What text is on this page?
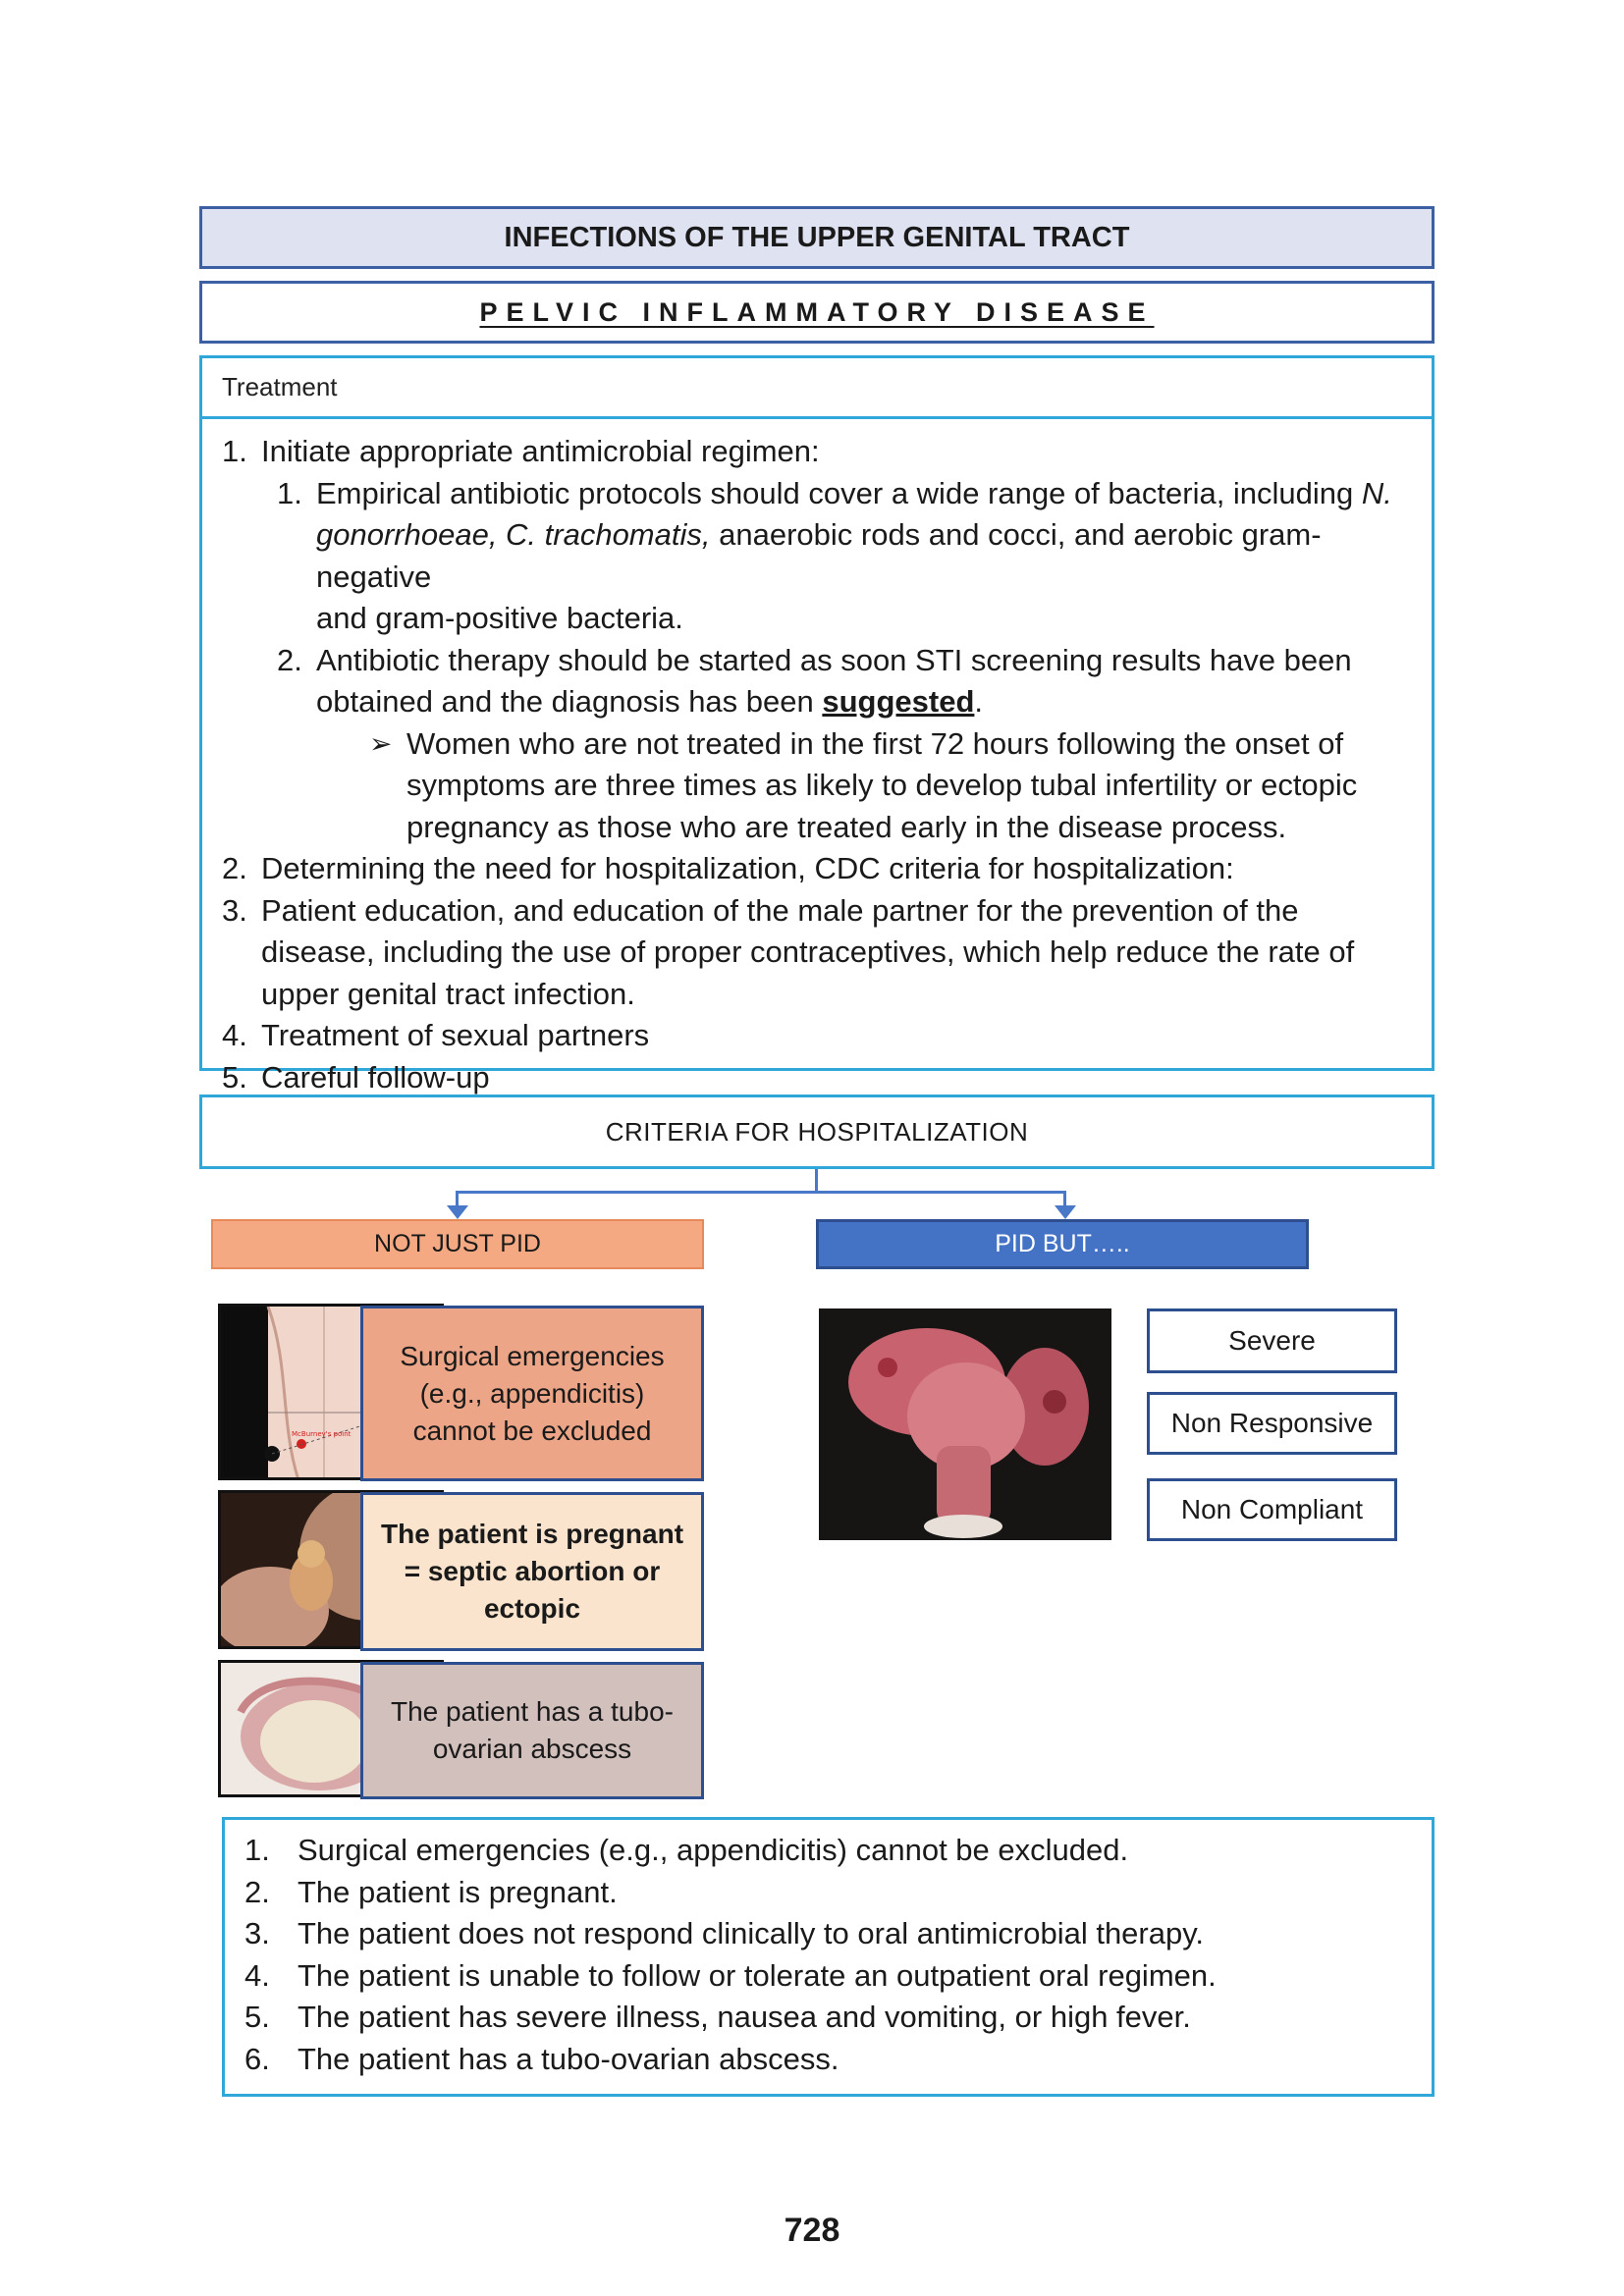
INFECTIONS OF THE UPPER GENITAL TRACT
PELVIC INFLAMMATORY DISEASE
Treatment
1. Initiate appropriate antimicrobial regimen:
1. Empirical antibiotic protocols should cover a wide range of bacteria, including N.
gonorrhoeae, C. trachomatis, anaerobic rods and cocci, and aerobic gram-negative
and gram-positive bacteria.
2. Antibiotic therapy should be started as soon STI screening results have been
obtained and the diagnosis has been suggested.
➢ Women who are not treated in the first 72 hours following the onset of
symptoms are three times as likely to develop tubal infertility or ectopic
pregnancy as those who are treated early in the disease process.
2. Determining the need for hospitalization, CDC criteria for hospitalization:
3. Patient education, and education of the male partner for the prevention of the
disease, including the use of proper contraceptives, which help reduce the rate of
upper genital tract infection.
4. Treatment of sexual partners
5. Careful follow-up
CRITERIA FOR HOSPITALIZATION
NOT JUST PID	PID BUT…..
McBurney's point
Surgical emergencies (e.g., appendicitis) cannot be excluded
The patient is pregnant = septic abortion or ectopic
The patient has a tubo-ovarian abscess
Severe
Non Responsive
Non Compliant
1. Surgical emergencies (e.g., appendicitis) cannot be excluded.
2. The patient is pregnant.
3. The patient does not respond clinically to oral antimicrobial therapy.
4. The patient is unable to follow or tolerate an outpatient oral regimen.
5. The patient has severe illness, nausea and vomiting, or high fever.
6. The patient has a tubo-ovarian abscess.
728
